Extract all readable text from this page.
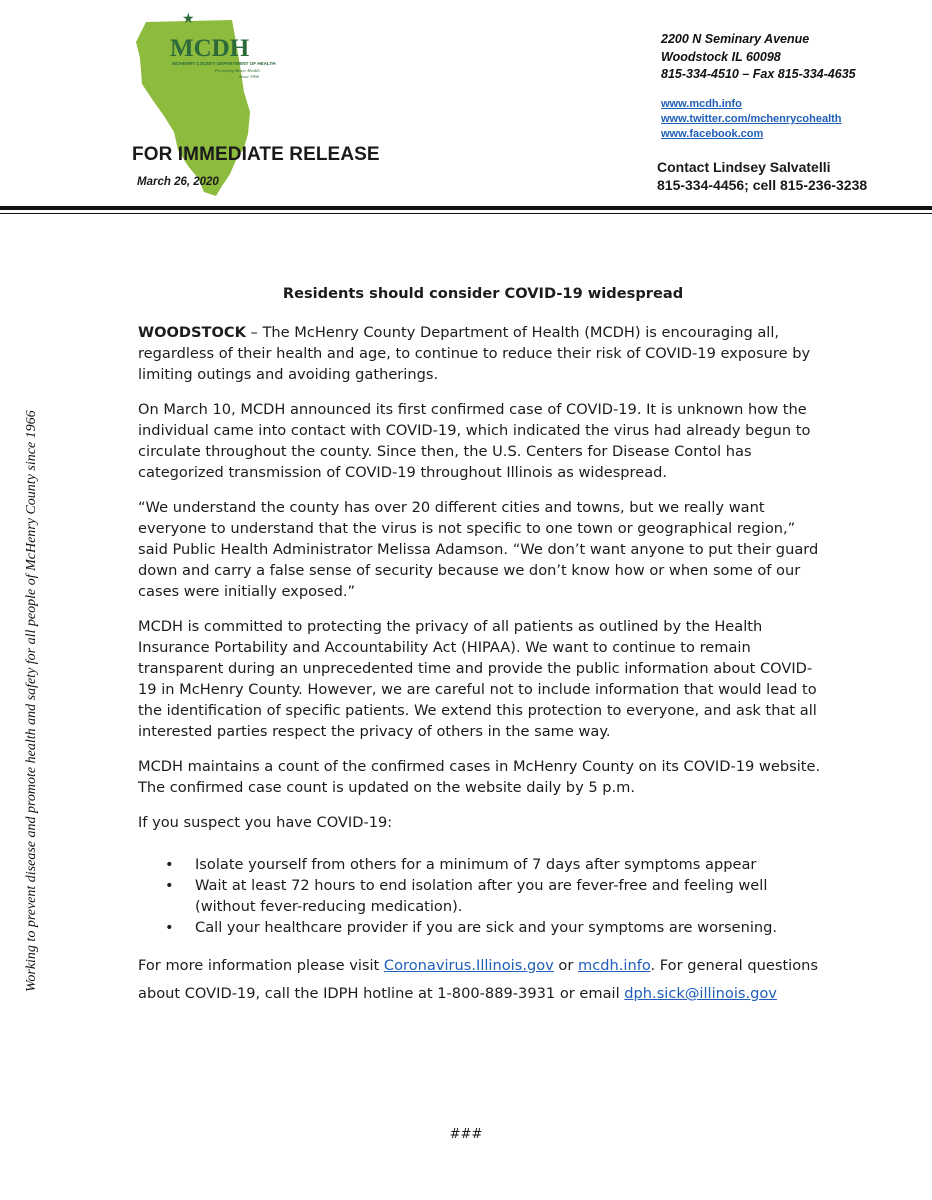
★
MCDH
MCHENRY COUNTY DEPARTMENT OF HEALTH
Promoting Better Health
Since 1966
2200 N Seminary Avenue
Woodstock IL 60098
815-334-4510 – Fax 815-334-4635
www.mcdh.info
www.twitter.com/mchenrycohealth
www.facebook.com
FOR IMMEDIATE RELEASE
March 26, 2020
Contact Lindsey Salvatelli
815-334-4456; cell 815-236-3238
Working to prevent disease and promote health and safety for all people of McHenry County since 1966
Residents should consider COVID-19 widespread

WOODSTOCK – The McHenry County Department of Health (MCDH) is encouraging all, regardless of their health and age, to continue to reduce their risk of COVID-19 exposure by limiting outings and avoiding gatherings.

On March 10, MCDH announced its first confirmed case of COVID-19. It is unknown how the individual came into contact with COVID-19, which indicated the virus had already begun to circulate throughout the county. Since then, the U.S. Centers for Disease Contol has categorized transmission of COVID-19 throughout Illinois as widespread.

“We understand the county has over 20 different cities and towns, but we really want everyone to understand that the virus is not specific to one town or geographical region,” said Public Health Administrator Melissa Adamson. “We don’t want anyone to put their guard down and carry a false sense of security because we don’t know how or when some of our cases were initially exposed.”

MCDH is committed to protecting the privacy of all patients as outlined by the Health Insurance Portability and Accountability Act (HIPAA). We want to continue to remain transparent during an unprecedented time and provide the public information about COVID-19 in McHenry County. However, we are careful not to include information that would lead to the identification of specific patients. We extend this protection to everyone, and ask that all interested parties respect the privacy of others in the same way.

MCDH maintains a count of the confirmed cases in McHenry County on its COVID-19 website. The confirmed case count is updated on the website daily by 5 p.m.

If you suspect you have COVID-19:

• Isolate yourself from others for a minimum of 7 days after symptoms appear
• Wait at least 72 hours to end isolation after you are fever-free and feeling well (without fever-reducing medication).
• Call your healthcare provider if you are sick and your symptoms are worsening.

For more information please visit Coronavirus.Illinois.gov or mcdh.info. For general questions about COVID-19, call the IDPH hotline at 1-800-889-3931 or email dph.sick@illinois.gov

###
